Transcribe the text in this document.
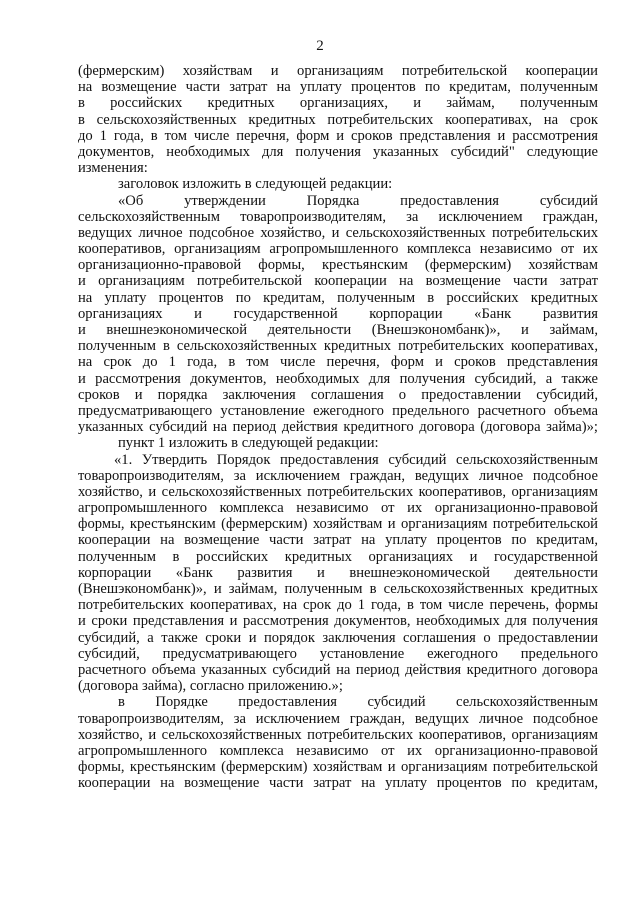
2
(фермерским) хозяйствам и организациям потребительской кооперации
на возмещение части затрат на уплату процентов по кредитам, полученным
в российских кредитных организациях, и займам, полученным
в сельскохозяйственных кредитных потребительских кооперативах, на срок
до 1 года, в том числе перечня, форм и сроков представления и рассмотрения
документов, необходимых для получения указанных субсидий" следующие
изменения:
заголовок изложить в следующей редакции:
«Об утверждении Порядка предоставления субсидий
сельскохозяйственным товаропроизводителям, за исключением граждан,
ведущих личное подсобное хозяйство, и сельскохозяйственных потребительских
кооперативов, организациям агропромышленного комплекса независимо от их
организационно-правовой формы, крестьянским (фермерским) хозяйствам
и организациям потребительской кооперации на возмещение части затрат
на уплату процентов по кредитам, полученным в российских кредитных
организациях и государственной корпорации «Банк развития
и внешнеэкономической деятельности (Внешэкономбанк)», и займам,
полученным в сельскохозяйственных кредитных потребительских кооперативах,
на срок до 1 года, в том числе перечня, форм и сроков представления
и рассмотрения документов, необходимых для получения субсидий, а также
сроков и порядка заключения соглашения о предоставлении субсидий,
предусматривающего установление ежегодного предельного расчетного объема
указанных субсидий на период действия кредитного договора (договора займа)»;
пункт 1 изложить в следующей редакции:
«1. Утвердить Порядок предоставления субсидий сельскохозяйственным
товаропроизводителям, за исключением граждан, ведущих личное подсобное
хозяйство, и сельскохозяйственных потребительских кооперативов, организациям
агропромышленного комплекса независимо от их организационно-правовой
формы, крестьянским (фермерским) хозяйствам и организациям потребительской
кооперации на возмещение части затрат на уплату процентов по кредитам,
полученным в российских кредитных организациях и государственной
корпорации «Банк развития и внешнеэкономической деятельности
(Внешэкономбанк)», и займам, полученным в сельскохозяйственных кредитных
потребительских кооперативах, на срок до 1 года, в том числе перечень, формы
и сроки представления и рассмотрения документов, необходимых для получения
субсидий, а также сроки и порядок заключения соглашения о предоставлении
субсидий, предусматривающего установление ежегодного предельного
расчетного объема указанных субсидий на период действия кредитного договора
(договора займа), согласно приложению.»;
в Порядке предоставления субсидий сельскохозяйственным
товаропроизводителям, за исключением граждан, ведущих личное подсобное
хозяйство, и сельскохозяйственных потребительских кооперативов, организациям
агропромышленного комплекса независимо от их организационно-правовой
формы, крестьянским (фермерским) хозяйствам и организациям потребительской
кооперации на возмещение части затрат на уплату процентов по кредитам,
